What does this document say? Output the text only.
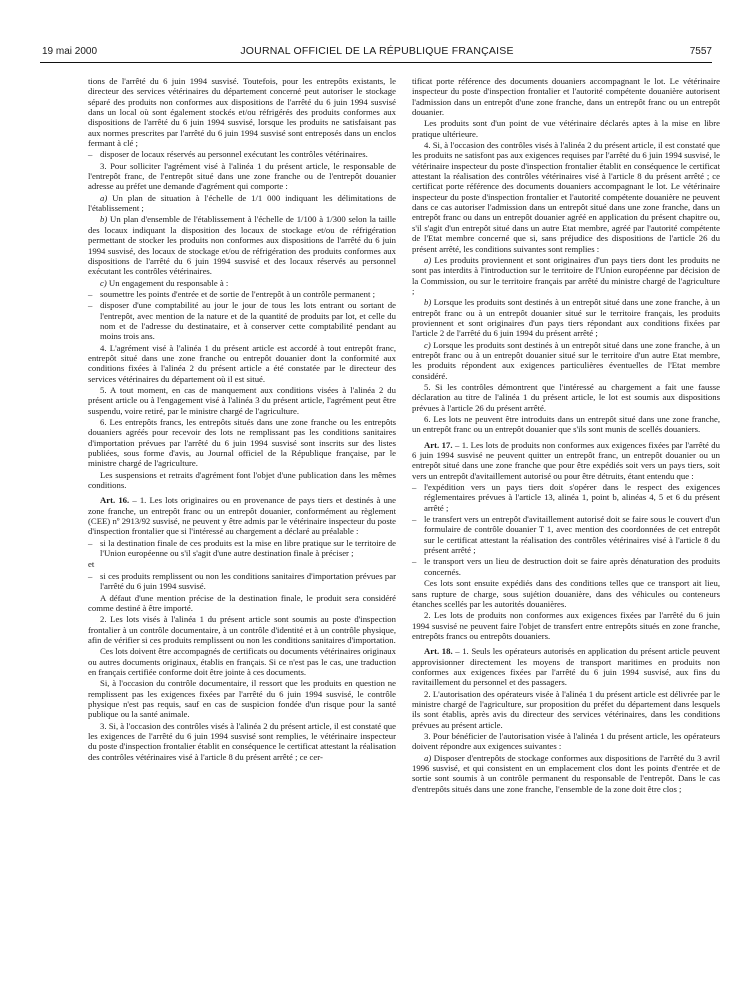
19 mai 2000	JOURNAL OFFICIEL DE LA RÉPUBLIQUE FRANÇAISE	7557

tions de l'arrêté du 6 juin 1994 susvisé. Toutefois, pour les entrepôts existants, le directeur des services vétérinaires du département concerné peut autoriser le stockage séparé des produits non conformes aux dispositions de l'arrêté du 6 juin 1994 susvisé dans un local où sont également stockés et/ou réfrigérés des produits conformes aux dispositions de l'arrêté du 6 juin 1994 susvisé, lorsque les produits ne satisfaisant pas aux normes prescrites par l'arrêté du 6 juin 1994 susvisé sont entreposés dans un enclos fermant à clé ;

– disposer de locaux réservés au personnel exécutant les contrôles vétérinaires.

3. Pour solliciter l'agrément visé à l'alinéa 1 du présent article, le responsable de l'entrepôt franc, de l'entrepôt situé dans une zone franche ou de l'entrepôt douanier adresse au préfet une demande d'agrément qui comporte :

a) Un plan de situation à l'échelle de 1/1 000 indiquant les délimitations de l'établissement ;

b) Un plan d'ensemble de l'établissement à l'échelle de 1/100 à 1/300 selon la taille des locaux indiquant la disposition des locaux de stockage et/ou de réfrigération permettant de stocker les produits non conformes aux dispositions de l'arrêté du 6 juin 1994 susvisé, des locaux de stockage et/ou de réfrigération des produits conformes aux dispositions de l'arrêté du 6 juin 1994 susvisé et des locaux réservés au personnel exécutant les contrôles vétérinaires.

c) Un engagement du responsable à :

– soumettre les points d'entrée et de sortie de l'entrepôt à un contrôle permanent ;

– disposer d'une comptabilité au jour le jour de tous les lots entrant ou sortant de l'entrepôt, avec mention de la nature et de la quantité de produits par lot, et celle du nom et de l'adresse du destinataire, et à conserver cette comptabilité pendant au moins trois ans.

4. L'agrément visé à l'alinéa 1 du présent article est accordé à tout entrepôt franc, entrepôt situé dans une zone franche ou entrepôt douanier dont la conformité aux conditions fixées à l'alinéa 2 du présent article a été constatée par le directeur des services vétérinaires du département où il est situé.

5. A tout moment, en cas de manquement aux conditions visées à l'alinéa 2 du présent article ou à l'engagement visé à l'alinéa 3 du présent article, l'agrément peut être suspendu, voire retiré, par le ministre chargé de l'agriculture.

6. Les entrepôts francs, les entrepôts situés dans une zone franche ou les entrepôts douaniers agréés pour recevoir des lots ne remplissant pas les conditions sanitaires d'importation prévues par l'arrêté du 6 juin 1994 susvisé sont inscrits sur des listes publiées, sous forme d'avis, au Journal officiel de la République française, par le ministre chargé de l'agriculture.

Les suspensions et retraits d'agrément font l'objet d'une publication dans les mêmes conditions.

Art. 16. – 1. Les lots originaires ou en provenance de pays tiers et destinés à une zone franche, un entrepôt franc ou un entrepôt douanier, conformément au règlement (CEE) nº 2913/92 susvisé, ne peuvent y être admis par le vétérinaire inspecteur du poste d'inspection frontalier que si l'intéressé au chargement a déclaré au préalable :

– si la destination finale de ces produits est la mise en libre pratique sur le territoire de l'Union européenne ou s'il s'agit d'une autre destination finale à préciser ;

et

– si ces produits remplissent ou non les conditions sanitaires d'importation prévues par l'arrêté du 6 juin 1994 susvisé.

A défaut d'une mention précise de la destination finale, le produit sera considéré comme destiné à être importé.

2. Les lots visés à l'alinéa 1 du présent article sont soumis au poste d'inspection frontalier à un contrôle documentaire, à un contrôle d'identité et à un contrôle physique, afin de vérifier si ces produits remplissent ou non les conditions sanitaires d'importation.

Ces lots doivent être accompagnés de certificats ou documents vétérinaires originaux ou autres documents originaux, établis en français. Si ce n'est pas le cas, une traduction en français certifiée conforme doit être jointe à ces documents.

Si, à l'occasion du contrôle documentaire, il ressort que les produits en question ne remplissent pas les exigences fixées par l'arrêté du 6 juin 1994 susvisé, le contrôle physique n'est pas requis, sauf en cas de suspicion fondée d'un risque pour la santé publique ou la santé animale.

3. Si, à l'occasion des contrôles visés à l'alinéa 2 du présent article, il est constaté que les exigences de l'arrêté du 6 juin 1994 susvisé sont remplies, le vétérinaire inspecteur du poste d'inspection frontalier établit en conséquence le certificat attestant la réalisation des contrôles vétérinaires visé à l'article 8 du présent arrêté ; ce cer-

tificat porte référence des documents douaniers accompagnant le lot. Le vétérinaire inspecteur du poste d'inspection frontalier et l'autorité compétente douanière autorisent l'admission dans un entrepôt d'une zone franche, dans un entrepôt franc ou un entrepôt douanier.

Les produits sont d'un point de vue vétérinaire déclarés aptes à la mise en libre pratique ultérieure.

4. Si, à l'occasion des contrôles visés à l'alinéa 2 du présent article, il est constaté que les produits ne satisfont pas aux exigences requises par l'arrêté du 6 juin 1994 susvisé, le vétérinaire inspecteur du poste d'inspection frontalier établit en conséquence le certificat attestant la réalisation des contrôles vétérinaires visé à l'article 8 du présent arrêté ; ce certificat porte référence des documents douaniers accompagnant le lot. Le vétérinaire inspecteur du poste d'inspection frontalier et l'autorité compétente douanière ne peuvent dans ce cas autoriser l'admission dans un entrepôt situé dans une zone franche, dans un entrepôt franc ou dans un entrepôt douanier agréé en application du présent chapitre ou, s'il s'agit d'un entrepôt situé dans un autre Etat membre, agréé par l'autorité compétente de l'Etat membre concerné que si, sans préjudice des dispositions de l'article 26 du présent arrêté, les conditions suivantes sont remplies :

a) Les produits proviennent et sont originaires d'un pays tiers dont les produits ne sont pas interdits à l'introduction sur le territoire de l'Union européenne par décision de la Commission, ou sur le territoire français par arrêté du ministre chargé de l'agriculture ;

b) Lorsque les produits sont destinés à un entrepôt situé dans une zone franche, à un entrepôt franc ou à un entrepôt douanier situé sur le territoire français, les produits proviennent et sont originaires d'un pays tiers répondant aux conditions fixées par l'article 2 de l'arrêté du 6 juin 1994 du présent arrêté ;

c) Lorsque les produits sont destinés à un entrepôt situé dans une zone franche, à un entrepôt franc ou à un entrepôt douanier situé sur le territoire d'un autre Etat membre, les produits répondent aux exigences particulières éventuelles de l'Etat membre considéré.

5. Si les contrôles démontrent que l'intéressé au chargement a fait une fausse déclaration au titre de l'alinéa 1 du présent article, le lot est soumis aux dispositions prévues à l'article 26 du présent arrêté.

6. Les lots ne peuvent être introduits dans un entrepôt situé dans une zone franche, un entrepôt franc ou un entrepôt douanier que s'ils sont munis de scellés douaniers.

Art. 17. – 1. Les lots de produits non conformes aux exigences fixées par l'arrêté du 6 juin 1994 susvisé ne peuvent quitter un entrepôt franc, un entrepôt douanier ou un entrepôt situé dans une zone franche que pour être expédiés soit vers un pays tiers, soit vers un entrepôt d'avitaillement autorisé ou pour être détruits, étant entendu que :

– l'expédition vers un pays tiers doit s'opérer dans le respect des exigences réglementaires prévues à l'article 13, alinéa 1, point b, alinéas 4, 5 et 6 du présent arrêté ;

– le transfert vers un entrepôt d'avitaillement autorisé doit se faire sous le couvert d'un formulaire de contrôle douanier T 1, avec mention des coordonnées de cet entrepôt sur le certificat attestant la réalisation des contrôles vétérinaires visé à l'article 8 du présent arrêté ;

– le transport vers un lieu de destruction doit se faire après dénaturation des produits concernés.

Ces lots sont ensuite expédiés dans des conditions telles que ce transport ait lieu, sans rupture de charge, sous sujétion douanière, dans des véhicules ou conteneurs étanches scellés par les autorités douanières.

2. Les lots de produits non conformes aux exigences fixées par l'arrêté du 6 juin 1994 susvisé ne peuvent faire l'objet de transfert entre entrepôts situés en zone franche, entrepôts francs ou entrepôts douaniers.

Art. 18. – 1. Seuls les opérateurs autorisés en application du présent article peuvent approvisionner directement les moyens de transport maritimes en produits non conformes aux exigences fixées par l'arrêté du 6 juin 1994 susvisé, aux fins du ravitaillement du personnel et des passagers.

2. L'autorisation des opérateurs visée à l'alinéa 1 du présent article est délivrée par le ministre chargé de l'agriculture, sur proposition du préfet du département dans lesquels ils sont établis, après avis du directeur des services vétérinaires, dans les conditions prévues au présent article.

3. Pour bénéficier de l'autorisation visée à l'alinéa 1 du présent article, les opérateurs doivent répondre aux exigences suivantes :

a) Disposer d'entrepôts de stockage conformes aux dispositions de l'arrêté du 3 avril 1996 susvisé, et qui consistent en un emplacement clos dont les points d'entrée et de sortie sont soumis à un contrôle permanent du responsable de l'entrepôt. Dans le cas d'entrepôts situés dans une zone franche, l'ensemble de la zone doit être clos ;
